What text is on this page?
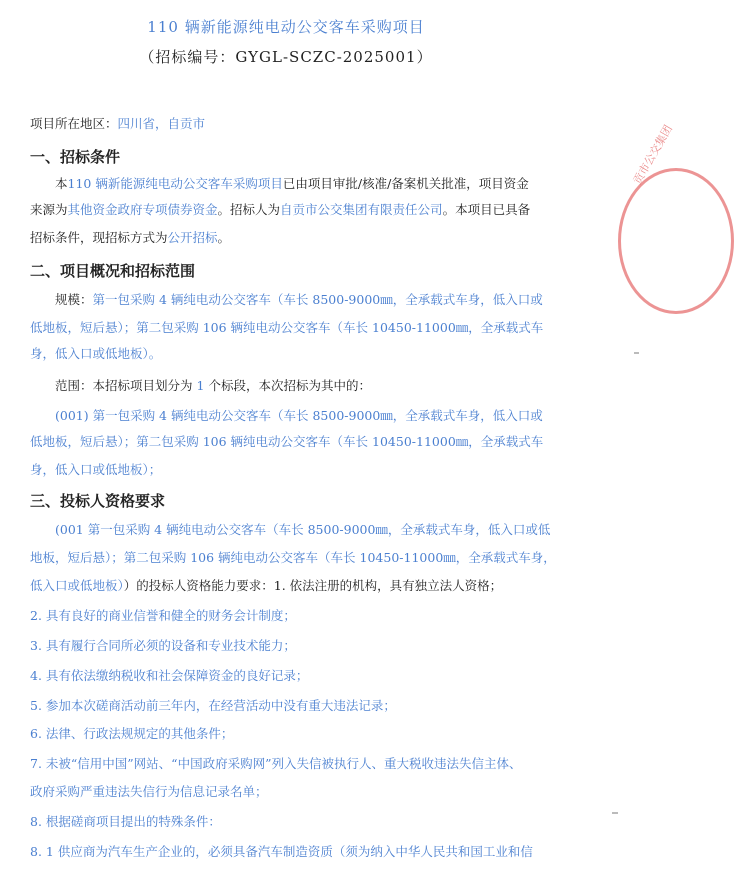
110 辆新能源纯电动公交客车采购项目
（招标编号：GYGL-SCZC-2025001）
项目所在地区：四川省，自贡市
一、招标条件
本110 辆新能源纯电动公交客车采购项目已由项目审批/核准/备案机关批准，项目资金
来源为其他资金政府专项债券资金。招标人为自贡市公交集团有限责任公司。本项目已具备
招标条件，现招标方式为公开招标。
二、项目概况和招标范围
规模：第一包采购 4 辆纯电动公交客车（车长 8500-9000㎜，全承载式车身，低入口或
低地板，短后悬）；第二包采购 106 辆纯电动公交客车（车长 10450-11000㎜，全承载式车
身，低入口或低地板）。
范围：本招标项目划分为 1 个标段，本次招标为其中的：
(001) 第一包采购 4 辆纯电动公交客车（车长 8500-9000㎜，全承载式车身，低入口或
低地板，短后悬）；第二包采购 106 辆纯电动公交客车（车长 10450-11000㎜，全承载式车
身，低入口或低地板）；
三、投标人资格要求
(001 第一包采购 4 辆纯电动公交客车（车长 8500-9000㎜，全承载式车身，低入口或低
地板，短后悬）；第二包采购 106 辆纯电动公交客车（车长 10450-11000㎜，全承载式车身，
低入口或低地板））的投标人资格能力要求：1. 依法注册的机构，具有独立法人资格；
2. 具有良好的商业信誉和健全的财务会计制度；
3. 具有履行合同所必须的设备和专业技术能力；
4. 具有依法缴纳税收和社会保障资金的良好记录；
5. 参加本次磋商活动前三年内，在经营活动中没有重大违法记录；
6. 法律、行政法规规定的其他条件；
7. 未被“信用中国”网站、“中国政府采购网”列入失信被执行人、重大税收违法失信主体、
政府采购严重违法失信行为信息记录名单；
8. 根据磋商项目提出的特殊条件：
8. 1 供应商为汽车生产企业的，必须具备汽车制造资质（须为纳入中华人民共和国工业和信
贡市公交集团
